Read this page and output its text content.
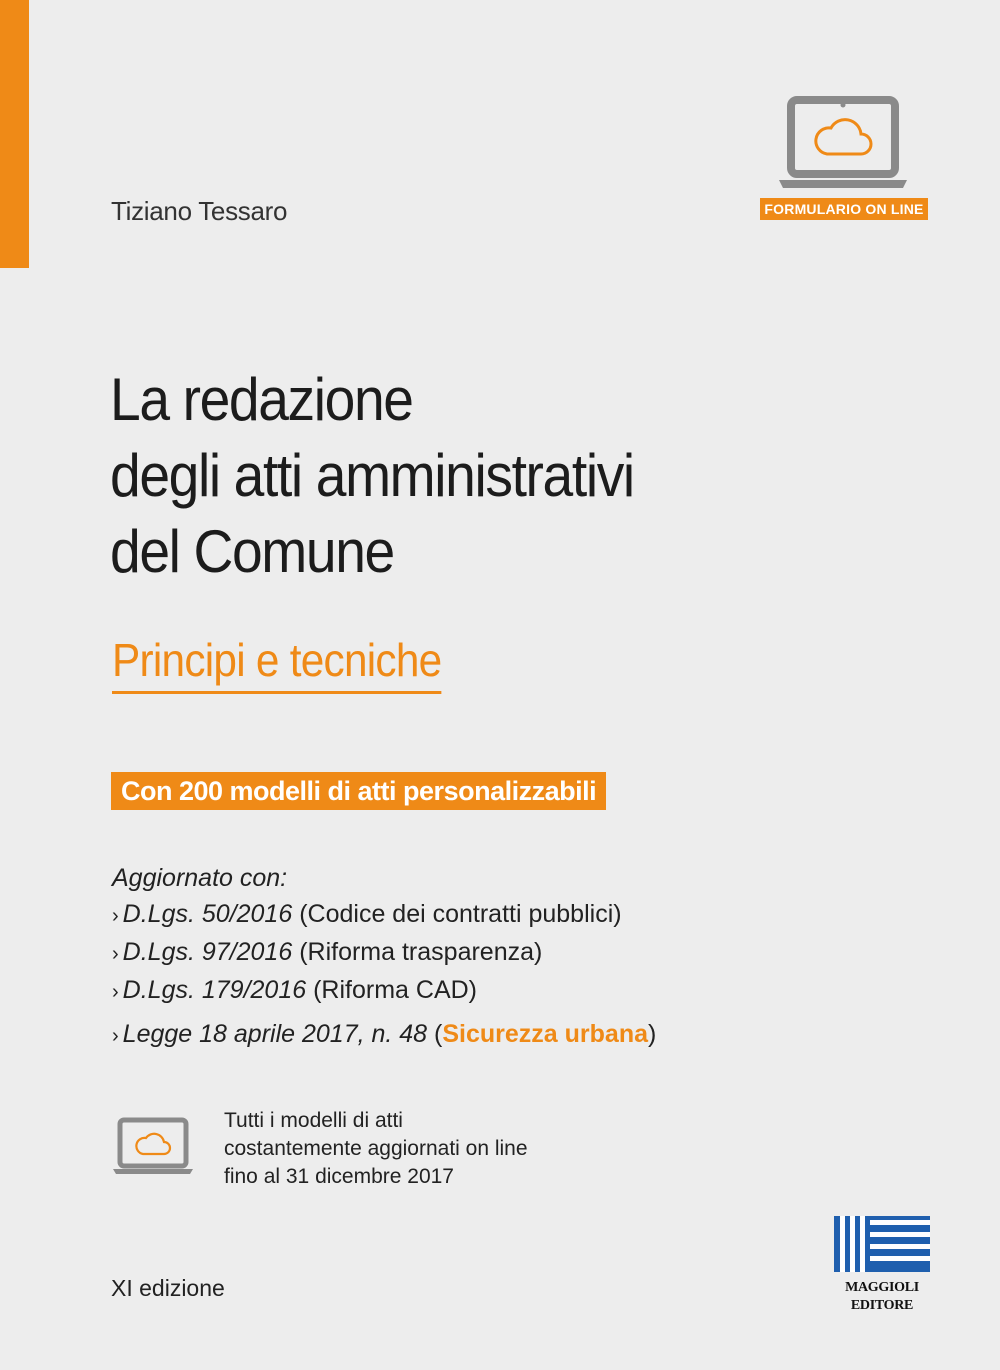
Tiziano Tessaro	FORMULARIO ON LINE
La redazione
degli atti amministrativi
del Comune
Principi e tecniche
Con 200 modelli di atti personalizzabili
Aggiornato con:
› D.Lgs. 50/2016 (Codice dei contratti pubblici)
› D.Lgs. 97/2016 (Riforma trasparenza)
› D.Lgs. 179/2016 (Riforma CAD)
› Legge 18 aprile 2017, n. 48 (Sicurezza urbana)
Tutti i modelli di atti
costantemente aggiornati on line
fino al 31 dicembre 2017
XI edizione	MAGGIOLI
EDITORE
